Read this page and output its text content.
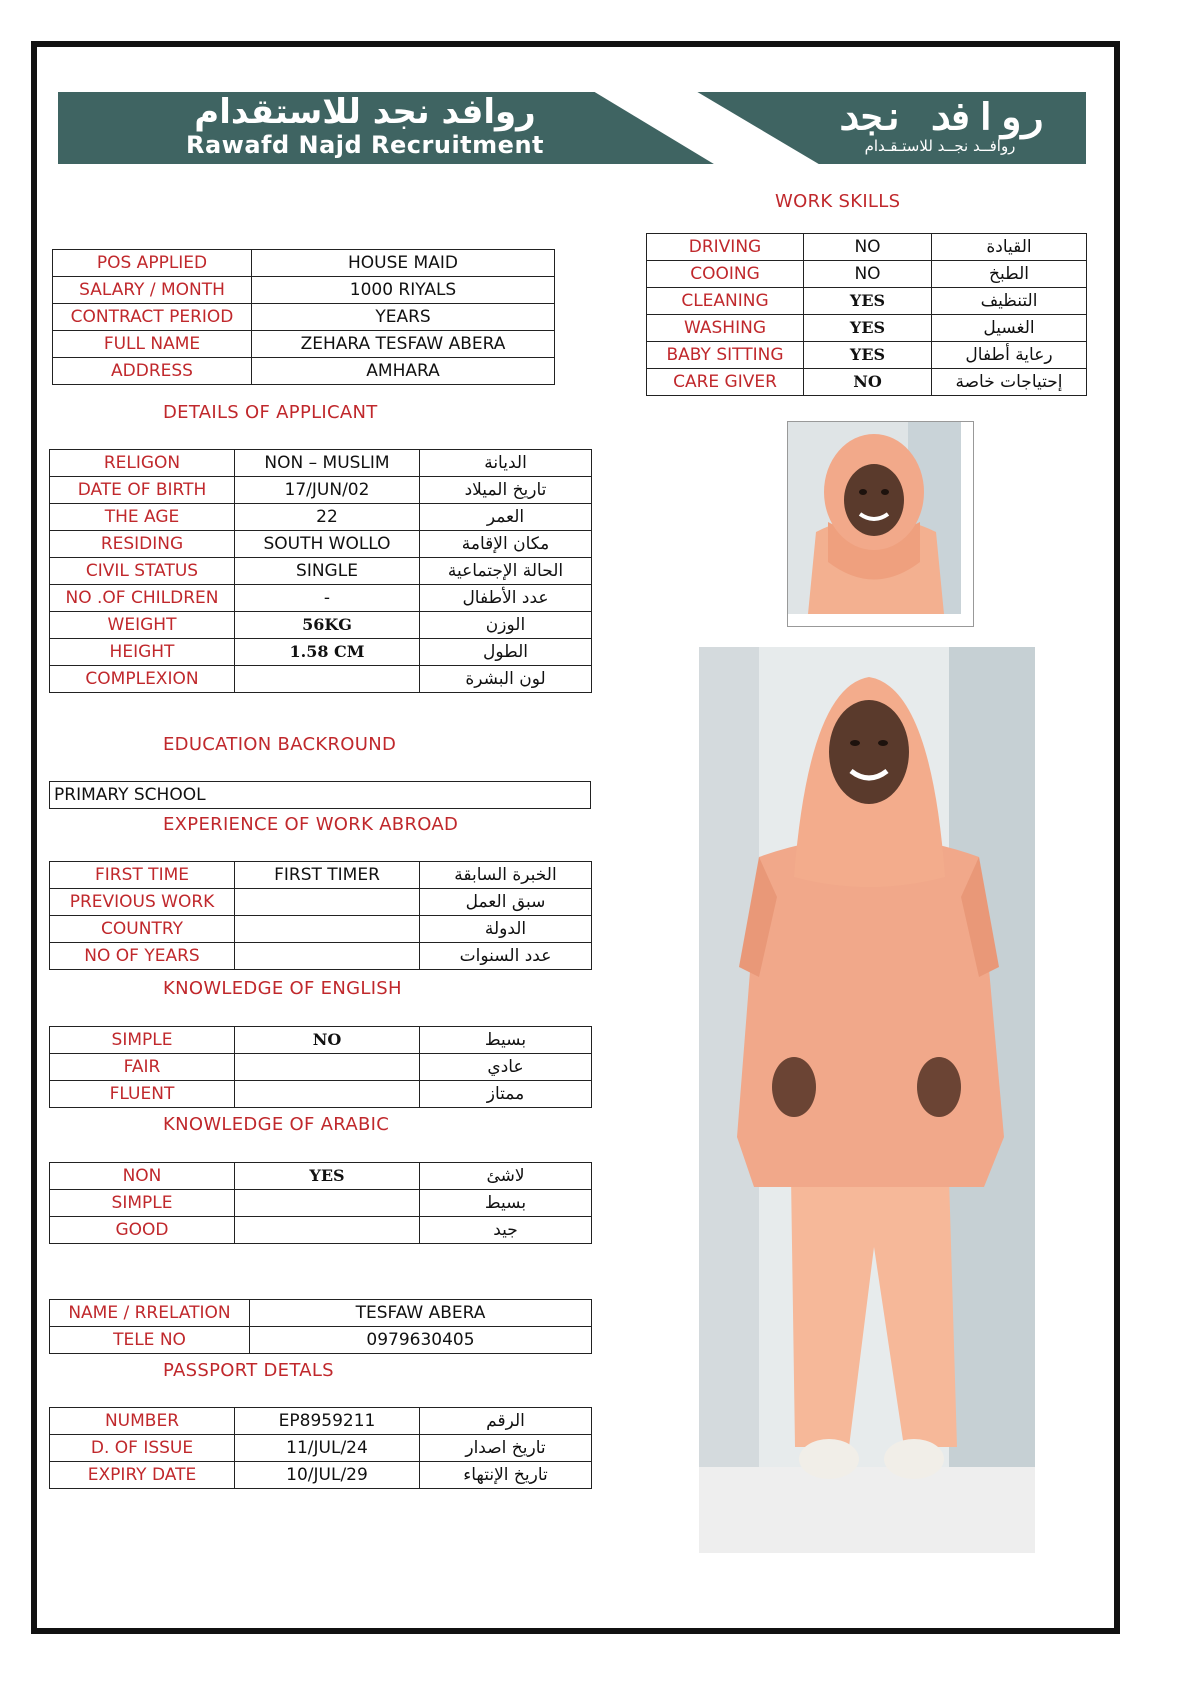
روافد نجد للاستقدام
Rawafd Najd Recruitment
روافد نجد
روافــد نجــد للاستـقـدام
WORK SKILLS
DRIVING	NO	القيادة
COOING	NO	الطبخ
CLEANING	YES	التنظيف
WASHING	YES	الغسيل
BABY SITTING	YES	رعاية أطفال
CARE GIVER	NO	إحتياجات خاصة
POS APPLIED	HOUSE MAID
SALARY / MONTH	1000 RIYALS
CONTRACT PERIOD	YEARS
FULL NAME	ZEHARA TESFAW ABERA
ADDRESS	AMHARA
DETAILS OF APPLICANT
RELIGON	NON – MUSLIM	الديانة
DATE OF BIRTH	17/JUN/02	تاريخ الميلاد
THE AGE	22	العمر
RESIDING	SOUTH WOLLO	مكان الإقامة
CIVIL STATUS	SINGLE	الحالة الإجتماعية
NO .OF CHILDREN	-	عدد الأطفال
WEIGHT	56KG	الوزن
HEIGHT	1.58 CM	الطول
COMPLEXION		لون البشرة
EDUCATION BACKROUND
PRIMARY SCHOOL
EXPERIENCE OF WORK ABROAD
FIRST TIME	FIRST TIMER	الخبرة السابقة
PREVIOUS WORK		سبق العمل
COUNTRY		الدولة
NO OF YEARS		عدد السنوات
KNOWLEDGE OF ENGLISH
SIMPLE	NO	بسيط
FAIR		عادي
FLUENT		ممتاز
KNOWLEDGE OF ARABIC
NON	YES	لاشئ
SIMPLE		بسيط
GOOD		جيد
NAME / RRELATION	TESFAW ABERA
TELE NO	0979630405
PASSPORT DETALS
NUMBER	EP8959211	الرقم
D. OF ISSUE	11/JUL/24	تاريخ اصدار
EXPIRY DATE	10/JUL/29	تاريخ الإنتهاء
